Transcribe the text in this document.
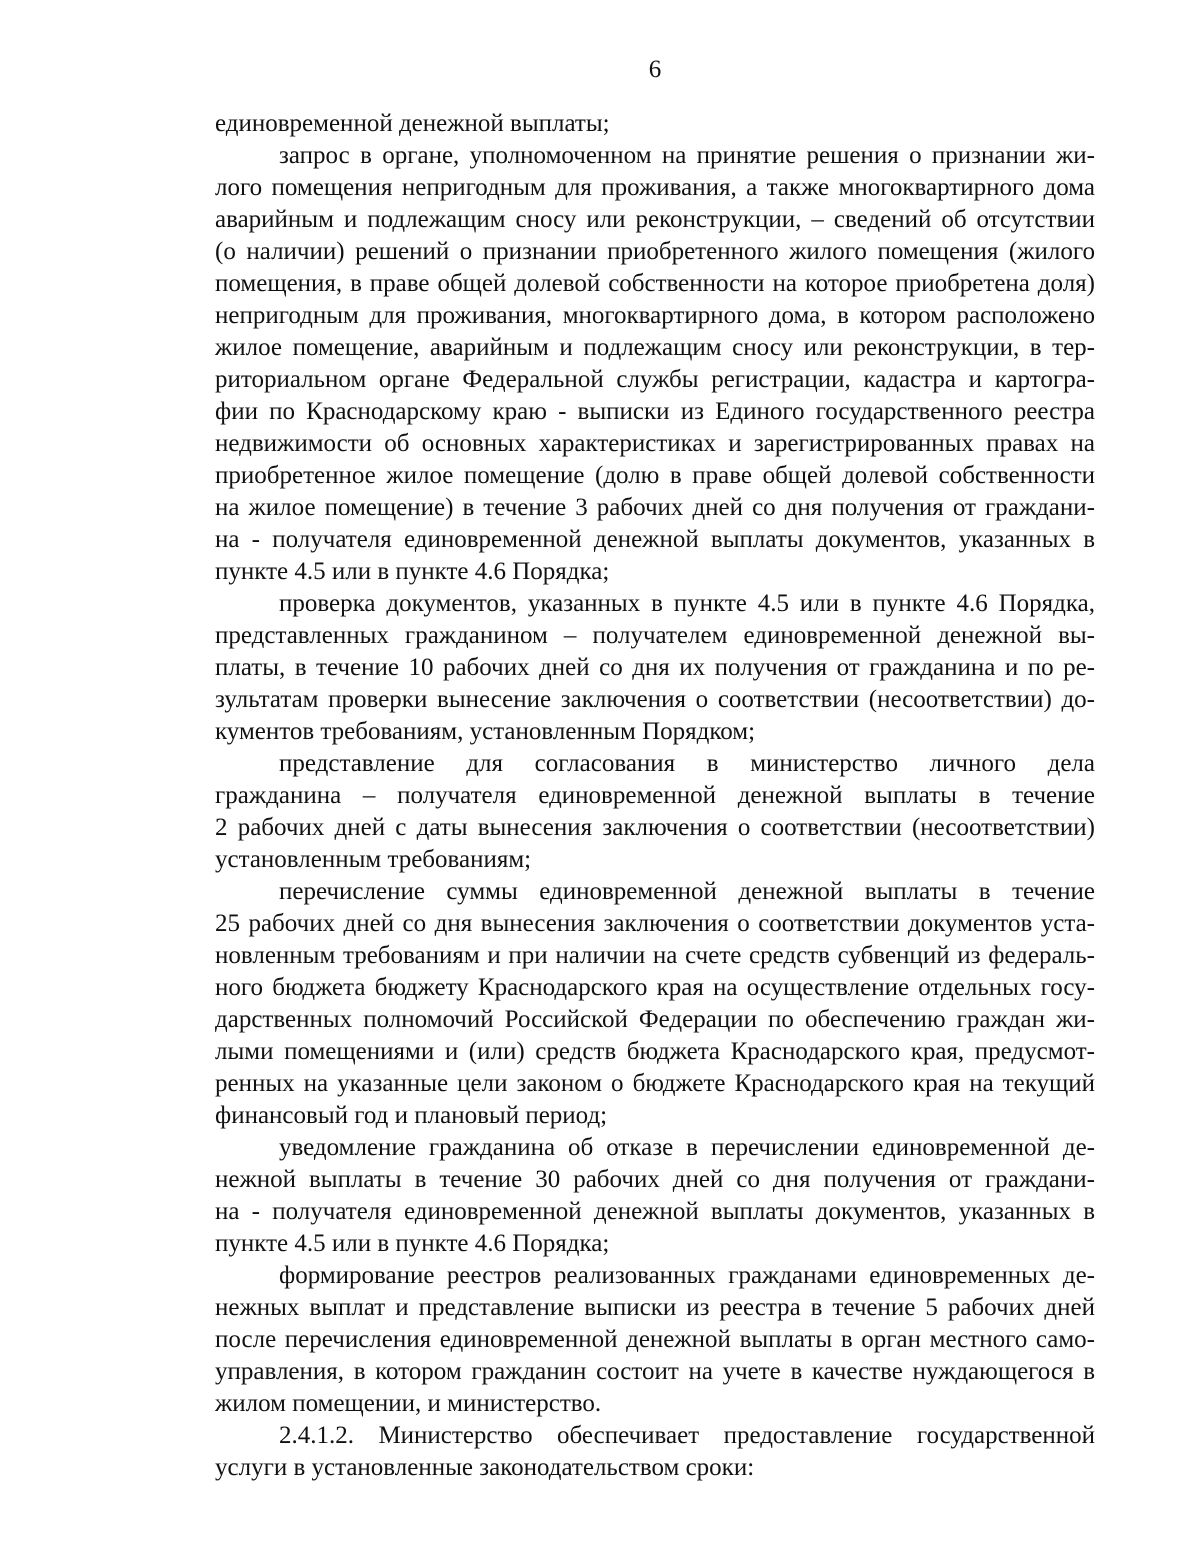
6
единовременной денежной выплаты;
запрос в органе, уполномоченном на принятие решения о признании жи-
лого помещения непригодным для проживания, а также многоквартирного дома
аварийным и подлежащим сносу или реконструкции, – сведений об отсутствии
(о наличии) решений о признании приобретенного жилого помещения (жилого
помещения, в праве общей долевой собственности на которое приобретена доля)
непригодным для проживания, многоквартирного дома, в котором расположено
жилое помещение, аварийным и подлежащим сносу или реконструкции, в тер-
риториальном органе Федеральной службы регистрации, кадастра и картогра-
фии по Краснодарскому краю - выписки из Единого государственного реестра
недвижимости об основных характеристиках и зарегистрированных правах на
приобретенное жилое помещение (долю в праве общей долевой собственности
на жилое помещение) в течение 3 рабочих дней со дня получения от граждани-
на - получателя единовременной денежной выплаты документов, указанных в
пункте 4.5 или в пункте 4.6 Порядка;
проверка документов, указанных в пункте 4.5 или в пункте 4.6 Порядка,
представленных гражданином – получателем единовременной денежной вы-
платы, в течение 10 рабочих дней со дня их получения от гражданина и по ре-
зультатам проверки вынесение заключения о соответствии (несоответствии) до-
кументов требованиям, установленным Порядком;
представление для согласования в министерство личного дела
гражданина – получателя единовременной денежной выплаты в течение
2 рабочих дней с даты вынесения заключения о соответствии (несоответствии)
установленным требованиям;
перечисление суммы единовременной денежной выплаты в течение
25 рабочих дней со дня вынесения заключения о соответствии документов уста-
новленным требованиям и при наличии на счете средств субвенций из федераль-
ного бюджета бюджету Краснодарского края на осуществление отдельных госу-
дарственных полномочий Российской Федерации по обеспечению граждан жи-
лыми помещениями и (или) средств бюджета Краснодарского края, предусмот-
ренных на указанные цели законом о бюджете Краснодарского края на текущий
финансовый год и плановый период;
уведомление гражданина об отказе в перечислении единовременной де-
нежной выплаты в течение 30 рабочих дней со дня получения от граждани-
на - получателя единовременной денежной выплаты документов, указанных в
пункте 4.5 или в пункте 4.6 Порядка;
формирование реестров реализованных гражданами единовременных де-
нежных выплат и представление выписки из реестра в течение 5 рабочих дней
после перечисления единовременной денежной выплаты в орган местного само-
управления, в котором гражданин состоит на учете в качестве нуждающегося в
жилом помещении, и министерство.
2.4.1.2. Министерство обеспечивает предоставление государственной
услуги в установленные законодательством сроки:
